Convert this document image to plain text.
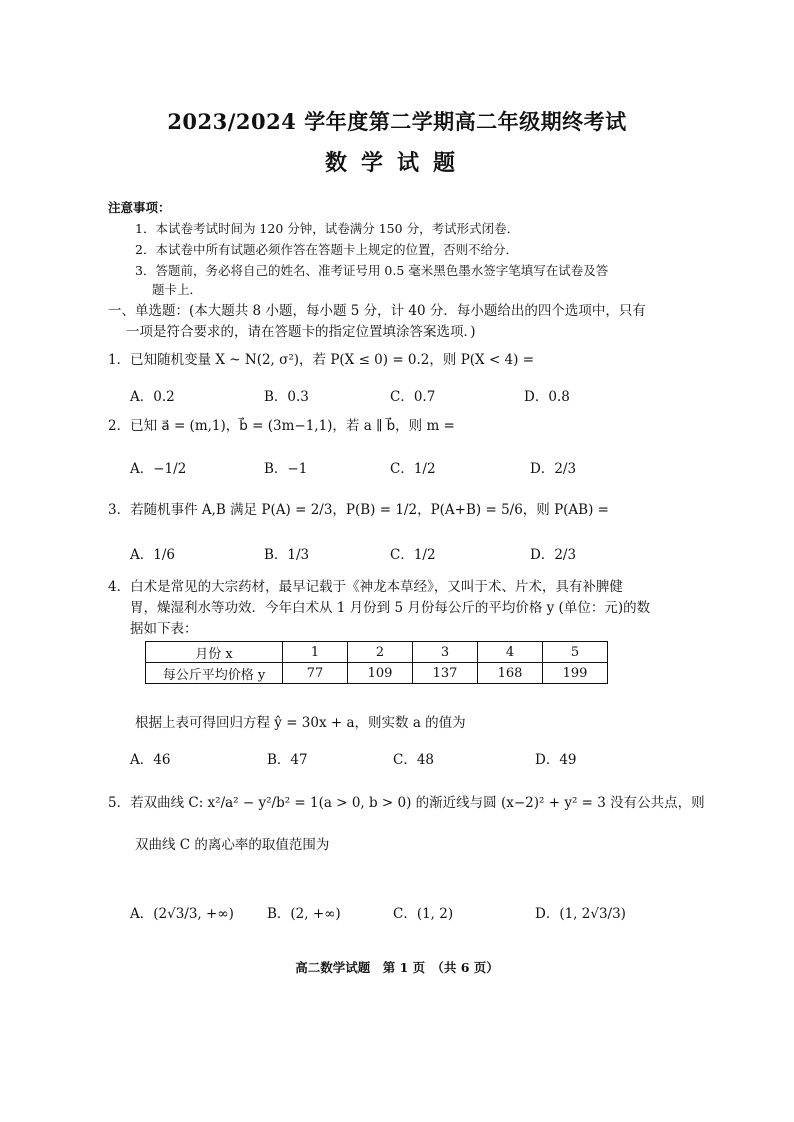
2023/2024 学年度第二学期高二年级期终考试
数学试题
注意事项：
1．本试卷考试时间为 120 分钟，试卷满分 150 分，考试形式闭卷．
2．本试卷中所有试题必须作答在答题卡上规定的位置，否则不给分．
3．答题前，务必将自己的姓名、准考证号用 0.5 毫米黑色墨水签字笔填写在试卷及答
题卡上．
一、单选题：(本大题共 8 小题，每小题 5 分，计 40 分．每小题给出的四个选项中，只有
一项是符合要求的，请在答题卡的指定位置填涂答案选项．)
1．已知随机变量 X ~ N(2, σ²)，若 P(X ≤ 0) = 0.2，则 P(X < 4) =
A．0.2	B．0.3	C．0.7	D．0.8
2．已知 a⃗ = (m,1)，b⃗ = (3m−1,1)，若 a ∥ b⃗，则 m =
A．−1/2	B．−1	C．1/2	D．2/3
3．若随机事件 A,B 满足 P(A) = 2/3，P(B) = 1/2，P(A+B) = 5/6，则 P(AB) =
A．1/6	B．1/3	C．1/2	D．2/3
4．白术是常见的大宗药材，最早记载于《神龙本草经》，又叫于术、片术，具有补脾健
胃，燥湿利水等功效．今年白术从 1 月份到 5 月份每公斤的平均价格 y (单位：元)的数
据如下表：
月份 x	1	2	3	4	5
每公斤平均价格 y	77	109	137	168	199
根据上表可得回归方程 ŷ = 30x + a，则实数 a 的值为
A．46	B．47	C．48	D．49
5．若双曲线 C: x²/a² − y²/b² = 1(a > 0, b > 0) 的渐近线与圆 (x−2)² + y² = 3 没有公共点，则
双曲线 C 的离心率的取值范围为
A．(2√3/3, +∞) B．(2, +∞)	C．(1, 2)	D．(1, 2√3/3)
高二数学试题　第 1 页　（共 6 页）
